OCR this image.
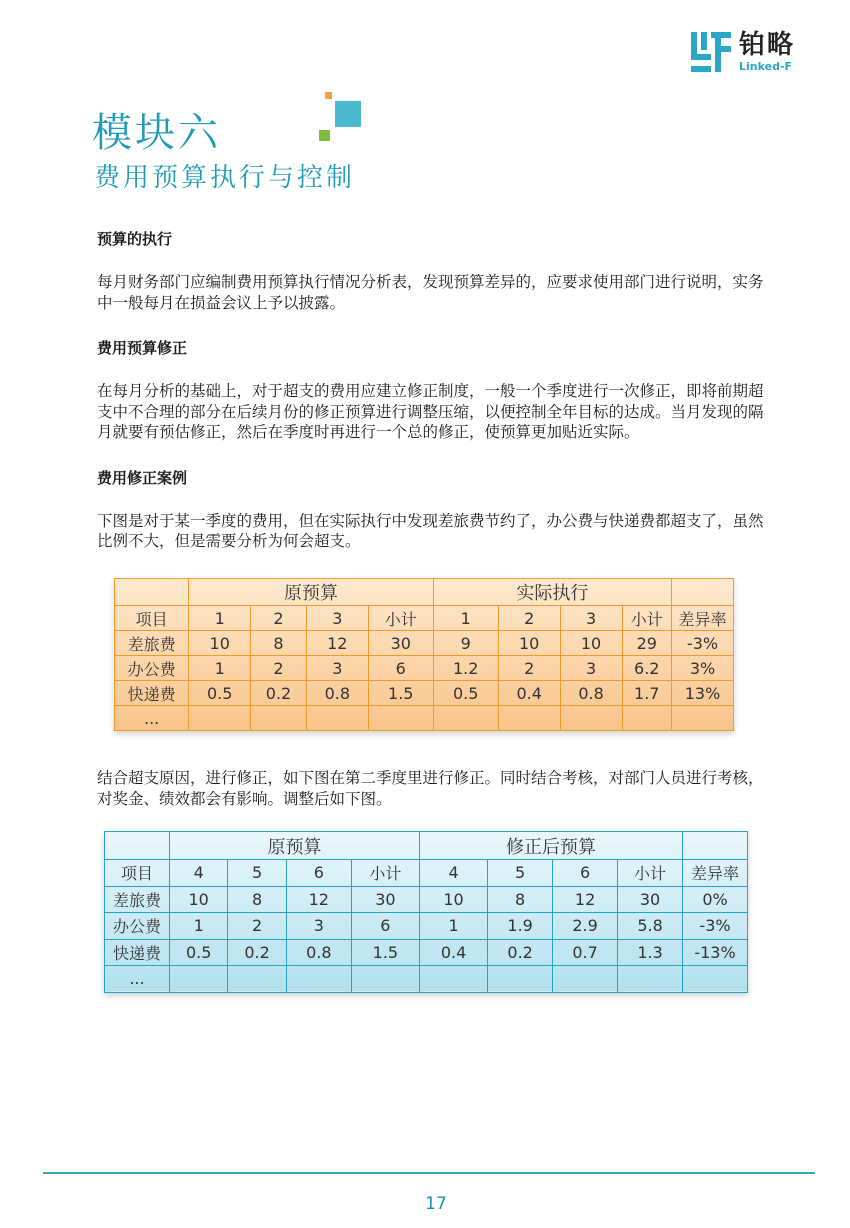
铂略
Linked-F
模块六
费用预算执行与控制
预算的执行
每月财务部门应编制费用预算执行情况分析表，发现预算差异的，应要求使用部门进行说明，实务中一般每月在损益会议上予以披露。
费用预算修正
在每月分析的基础上，对于超支的费用应建立修正制度，一般一个季度进行一次修正，即将前期超支中不合理的部分在后续月份的修正预算进行调整压缩，以便控制全年目标的达成。当月发现的隔月就要有预估修正，然后在季度时再进行一个总的修正，使预算更加贴近实际。
费用修正案例
下图是对于某一季度的费用，但在实际执行中发现差旅费节约了，办公费与快递费都超支了，虽然比例不大，但是需要分析为何会超支。
	原预算				实际执行				
项目	1	2	3	小计	1	2	3	小计	差异率
差旅费	10	8	12	30	9	10	10	29	-3%
办公费	1	2	3	6	1.2	2	3	6.2	3%
快递费	0.5	0.2	0.8	1.5	0.5	0.4	0.8	1.7	13%
...									
结合超支原因，进行修正，如下图在第二季度里进行修正。同时结合考核，对部门人员进行考核，对奖金、绩效都会有影响。调整后如下图。
	原预算				修正后预算				
项目	4	5	6	小计	4	5	6	小计	差异率
差旅费	10	8	12	30	10	8	12	30	0%
办公费	1	2	3	6	1	1.9	2.9	5.8	-3%
快递费	0.5	0.2	0.8	1.5	0.4	0.2	0.7	1.3	-13%
...									
17
